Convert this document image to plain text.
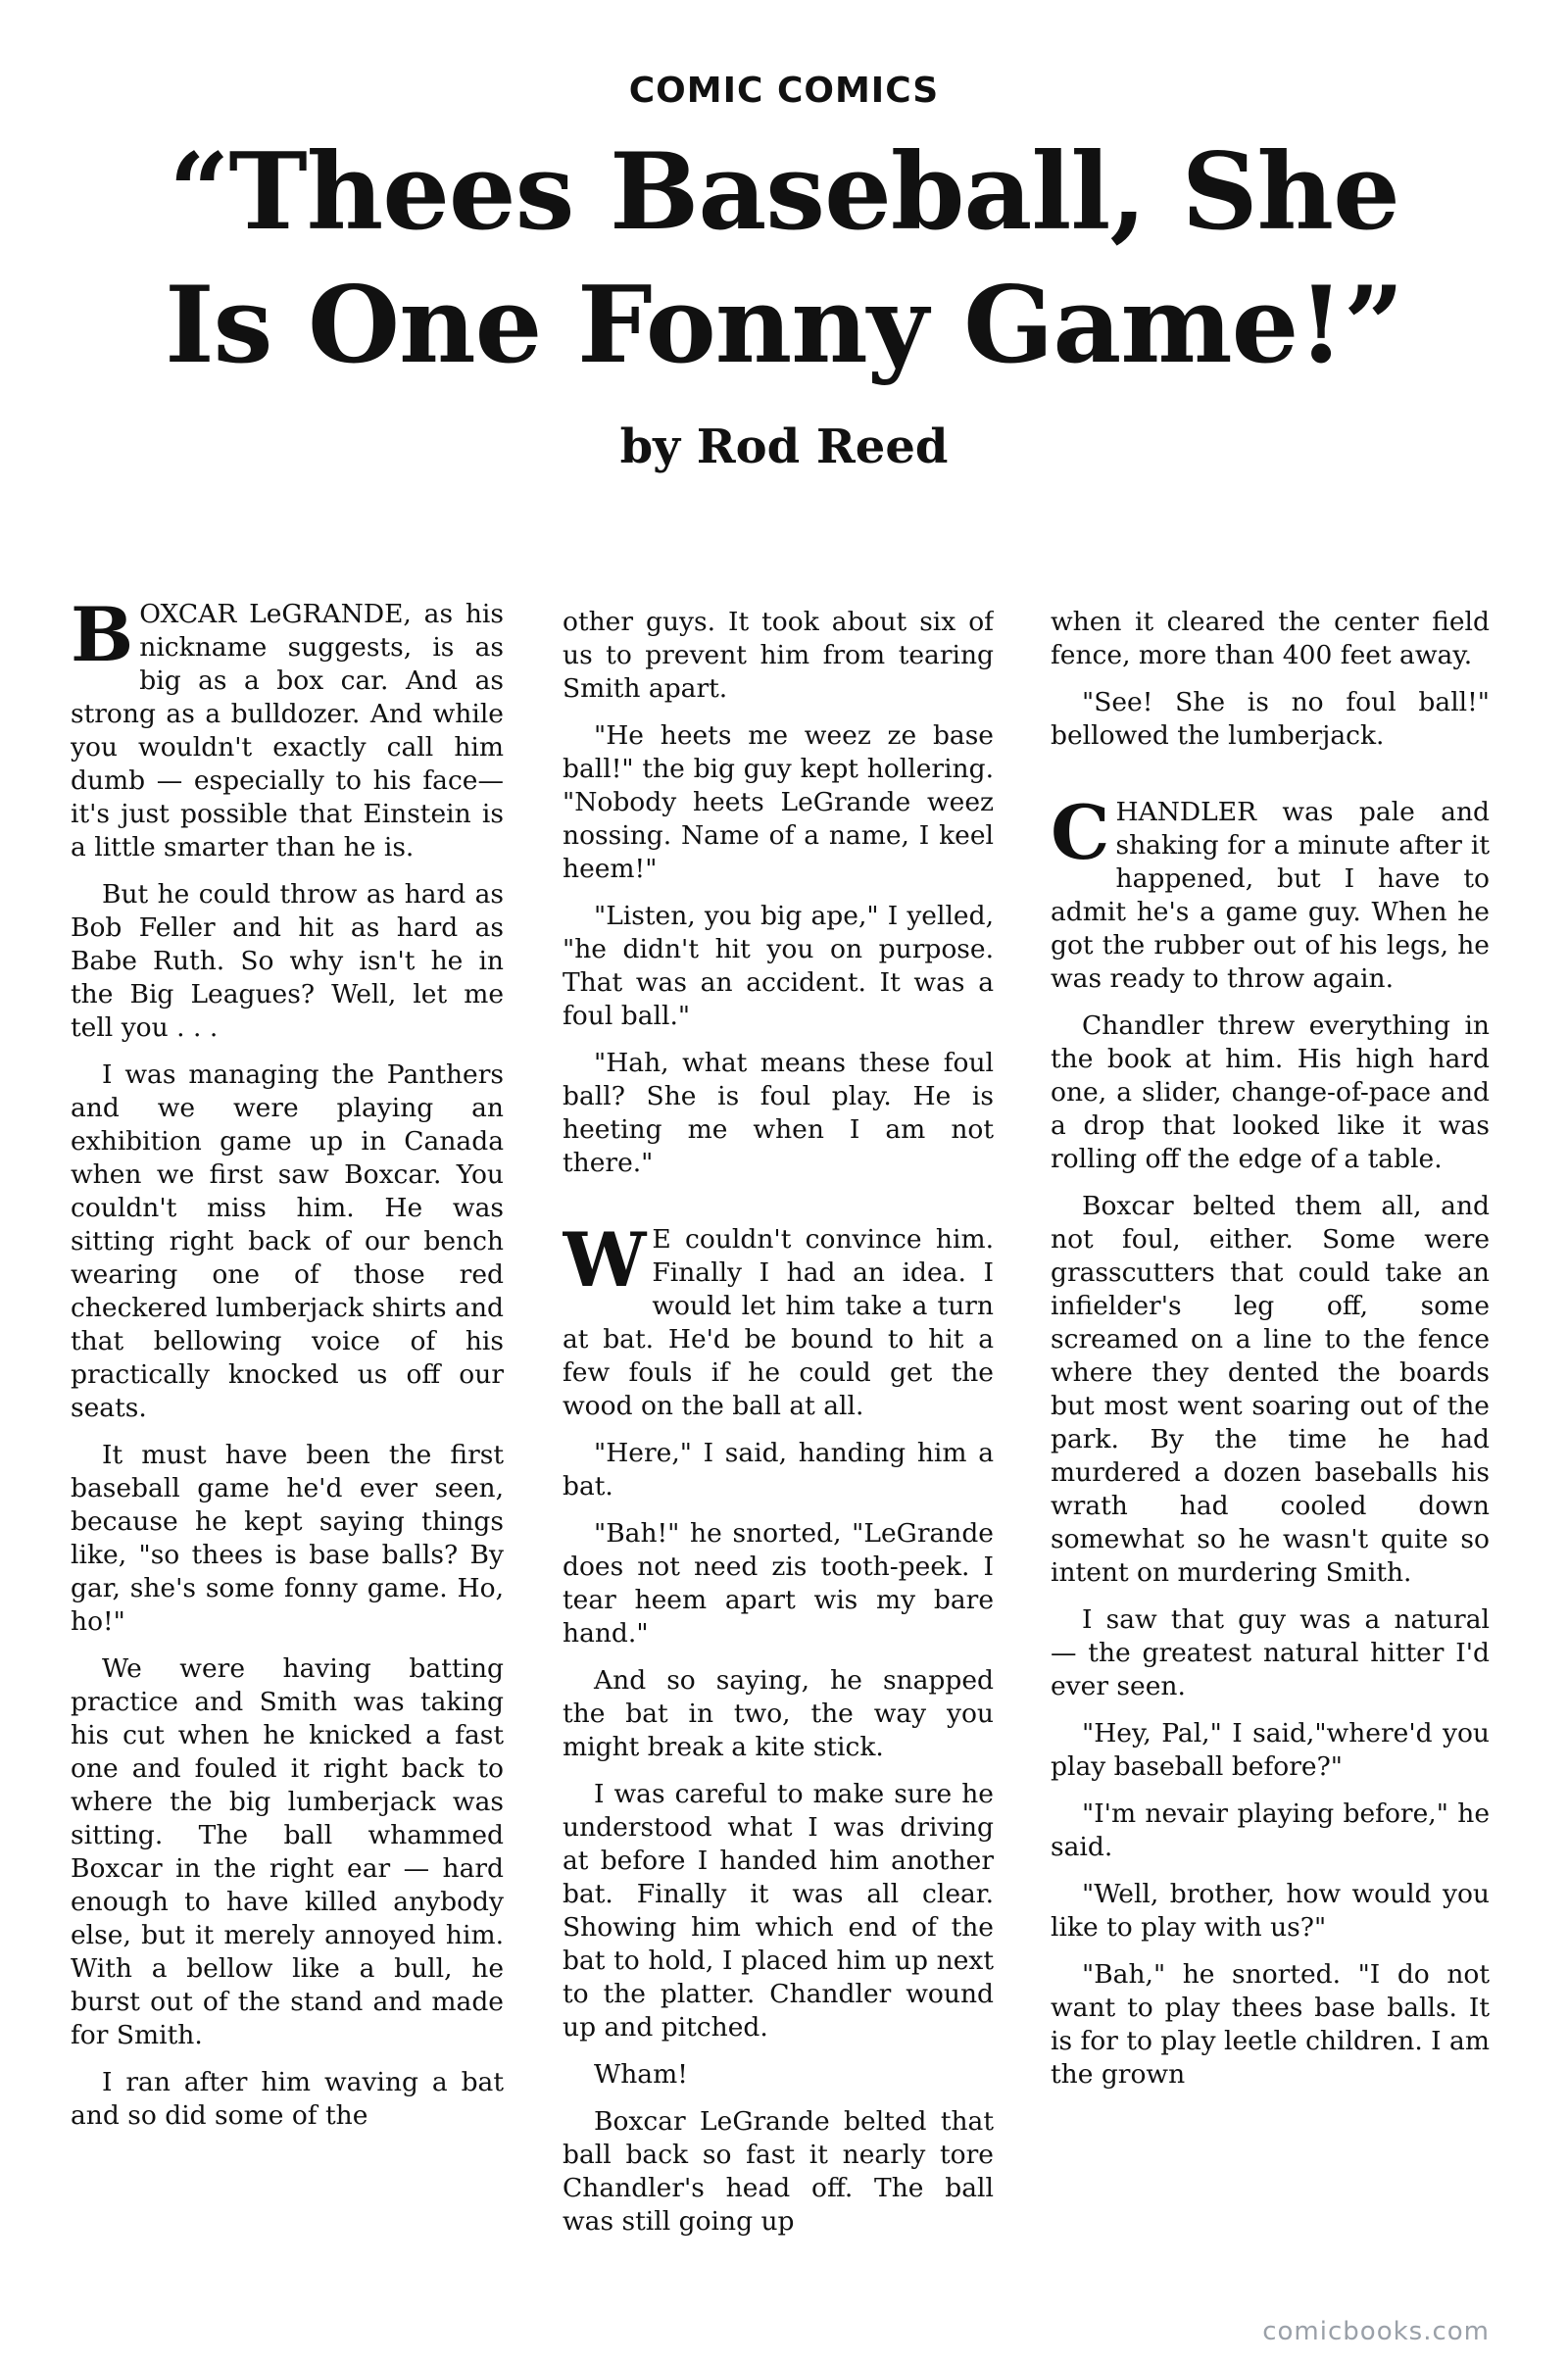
COMIC COMICS
“Thees Baseball, She Is One Fonny Game!”
by Rod Reed

BOXCAR LeGRANDE, as his nickname suggests, is as big as a box car. And as strong as a bulldozer. And while you wouldn't exactly call him dumb — especially to his face—it's just possible that Einstein is a little smarter than he is.

But he could throw as hard as Bob Feller and hit as hard as Babe Ruth. So why isn't he in the Big Leagues? Well, let me tell you . . .

I was managing the Panthers and we were playing an exhibition game up in Canada when we first saw Boxcar. You couldn't miss him. He was sitting right back of our bench wearing one of those red checkered lumberjack shirts and that bellowing voice of his practically knocked us off our seats.

It must have been the first baseball game he'd ever seen, because he kept saying things like, "so thees is base balls? By gar, she's some fonny game. Ho, ho!"

We were having batting practice and Smith was taking his cut when he knicked a fast one and fouled it right back to where the big lumberjack was sitting. The ball whammed Boxcar in the right ear — hard enough to have killed anybody else, but it merely annoyed him. With a bellow like a bull, he burst out of the stand and made for Smith.

I ran after him waving a bat and so did some of the

other guys. It took about six of us to prevent him from tearing Smith apart.

"He heets me weez ze base ball!" the big guy kept hollering. "Nobody heets LeGrande weez nossing. Name of a name, I keel heem!"

"Listen, you big ape," I yelled, "he didn't hit you on purpose. That was an accident. It was a foul ball."

"Hah, what means these foul ball? She is foul play. He is heeting me when I am not there."

W E couldn't convince him. Finally I had an idea. I would let him take a turn at bat. He'd be bound to hit a few fouls if he could get the wood on the ball at all.

"Here," I said, handing him a bat.

"Bah!" he snorted, "LeGrande does not need zis tooth-peek. I tear heem apart wis my bare hand."

And so saying, he snapped the bat in two, the way you might break a kite stick.

I was careful to make sure he understood what I was driving at before I handed him another bat. Finally it was all clear. Showing him which end of the bat to hold, I placed him up next to the platter. Chandler wound up and pitched.

Wham!

Boxcar LeGrande belted that ball back so fast it nearly tore Chandler's head off. The ball was still going up

when it cleared the center field fence, more than 400 feet away.

"See! She is no foul ball!" bellowed the lumberjack.

CHANDLER was pale and shaking for a minute after it happened, but I have to admit he's a game guy. When he got the rubber out of his legs, he was ready to throw again.

Chandler threw everything in the book at him. His high hard one, a slider, change-of-pace and a drop that looked like it was rolling off the edge of a table.

Boxcar belted them all, and not foul, either. Some were grasscutters that could take an infielder's leg off, some screamed on a line to the fence where they dented the boards but most went soaring out of the park. By the time he had murdered a dozen baseballs his wrath had cooled down somewhat so he wasn't quite so intent on murdering Smith.

I saw that guy was a natural — the greatest natural hitter I'd ever seen.

"Hey, Pal," I said,"where'd you play baseball before?"

"I'm nevair playing before," he said.

"Well, brother, how would you like to play with us?"

"Bah," he snorted. "I do not want to play thees base balls. It is for to play leetle children. I am the grown

comicbooks.com
